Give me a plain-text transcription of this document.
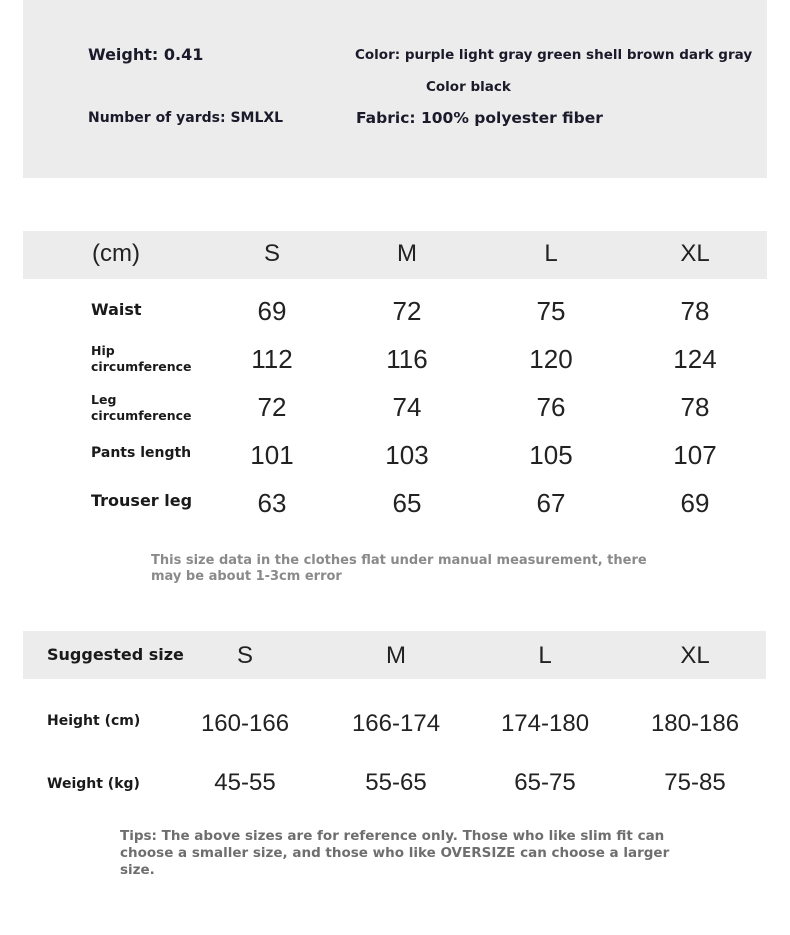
Weight: 0.41	Color: purple light gray green shell brown dark gray
Color black
Number of yards: SMLXL	Fabric: 100% polyester fiber
(cm)	S	M	L	XL
Waist	69	72	75	78
Hip
circumference 112	116	120	124
Leg
circumference	72	74	76	78
Pants length 101	103	105	107
Trouser leg	63	65	67	69
This size data in the clothes flat under manual measurement, there may be about 1-3cm error
Suggested size S	M	L	XL
Height (cm)	160-166	166-174	174-180	180-186
Weight (kg)	45-55	55-65	65-75	75-85
Tips: The above sizes are for reference only. Those who like slim fit can choose a smaller size, and those who like OVERSIZE can choose a larger size.
